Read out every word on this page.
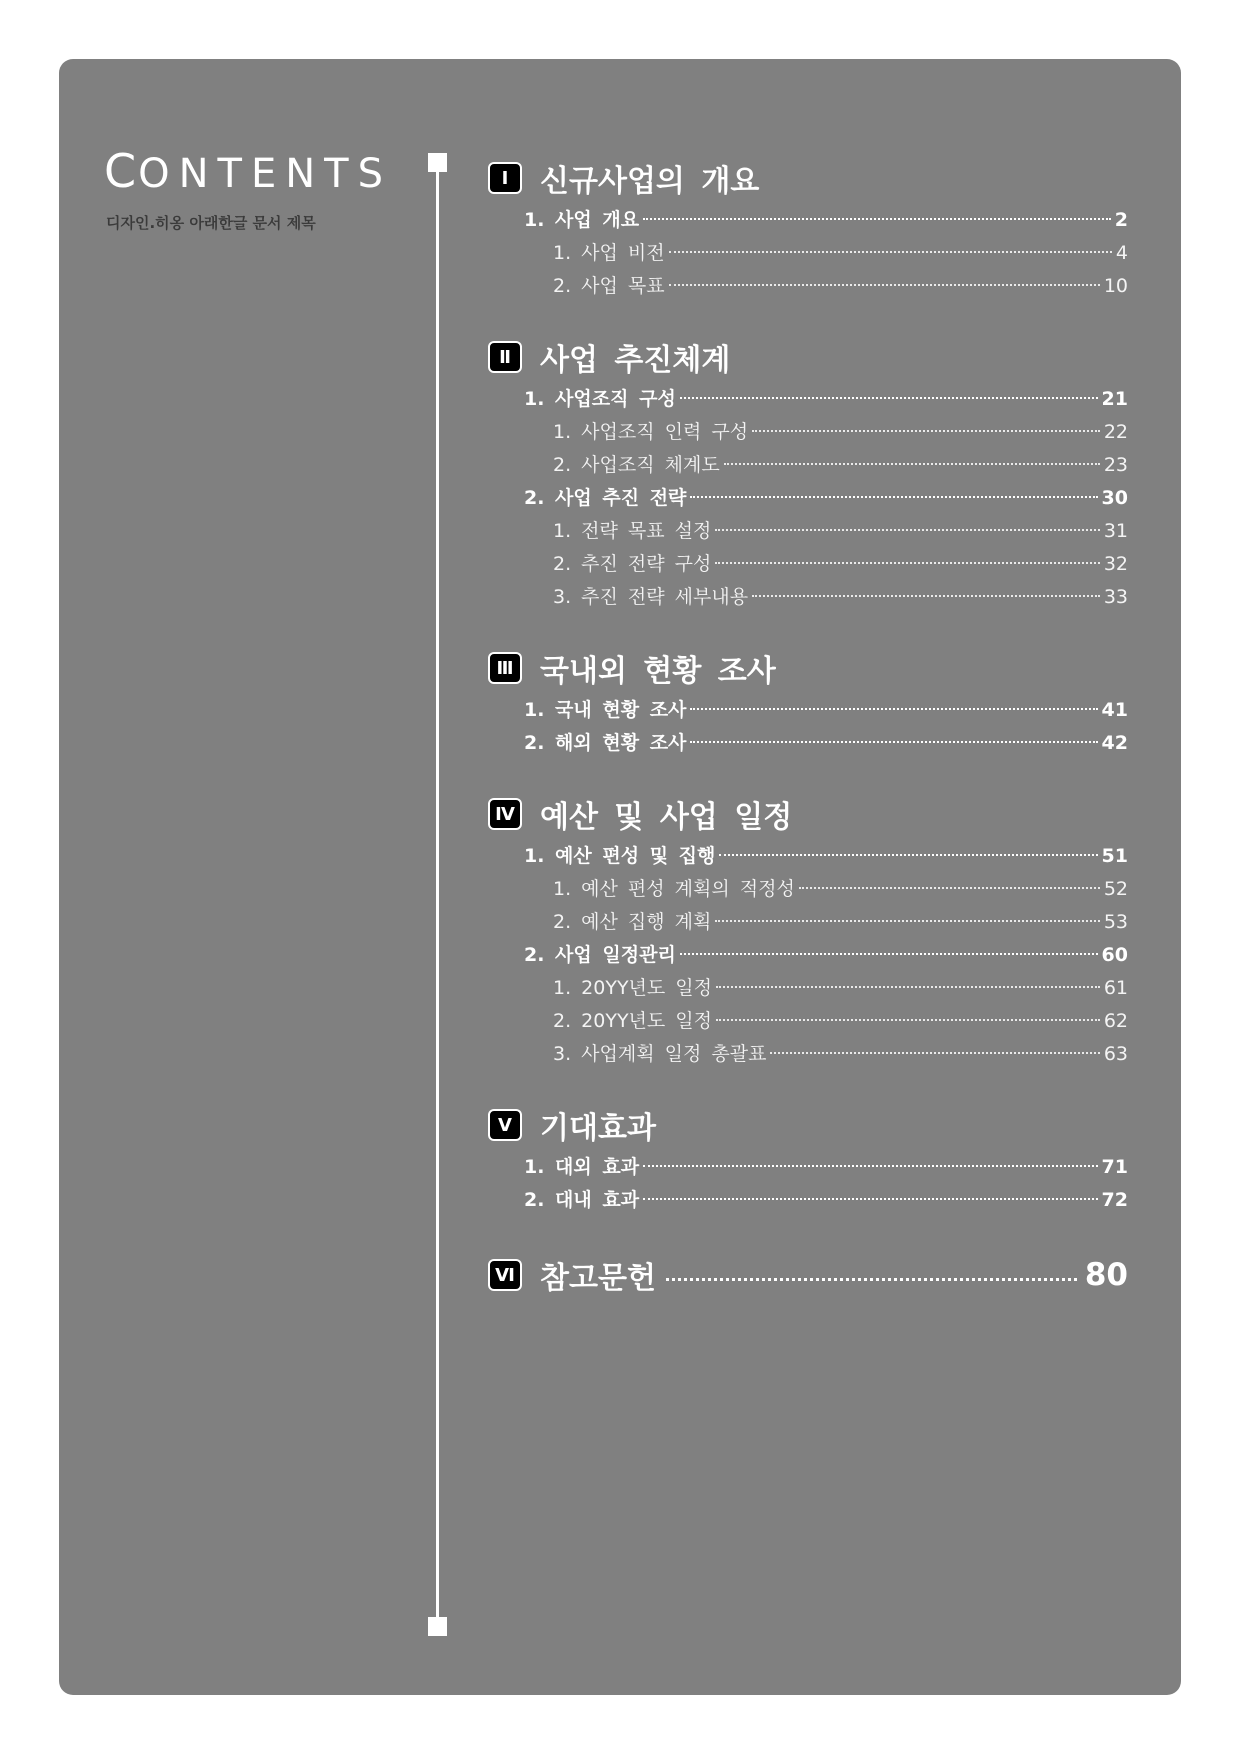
CONTENTS
디자인.히옹 아래한글 문서 제목
Ⅰ	신규사업의 개요
1. 사업 개요	2
1. 사업 비전	4
2. 사업 목표	10
Ⅱ 사업 추진체계
1. 사업조직 구성	21
1. 사업조직 인력 구성	22
2. 사업조직 체계도	23
2. 사업 추진 전략	30
1. 전략 목표 설정	31
2. 추진 전략 구성	32
3. 추진 전략 세부내용	33
Ⅲ 국내외 현황 조사
1. 국내 현황 조사	41
2. 해외 현황 조사	42
Ⅳ 예산 및 사업 일정
1. 예산 편성 및 집행	51
1. 예산 편성 계획의 적정성	52
2. 예산 집행 계획	53
2. 사업 일정관리	60
1. 20YY년도 일정	61
2. 20YY년도 일정	62
3. 사업계획 일정 총괄표	63
Ⅴ 기대효과
1. 대외 효과	71
2. 대내 효과	72
Ⅵ 참고문헌	80
